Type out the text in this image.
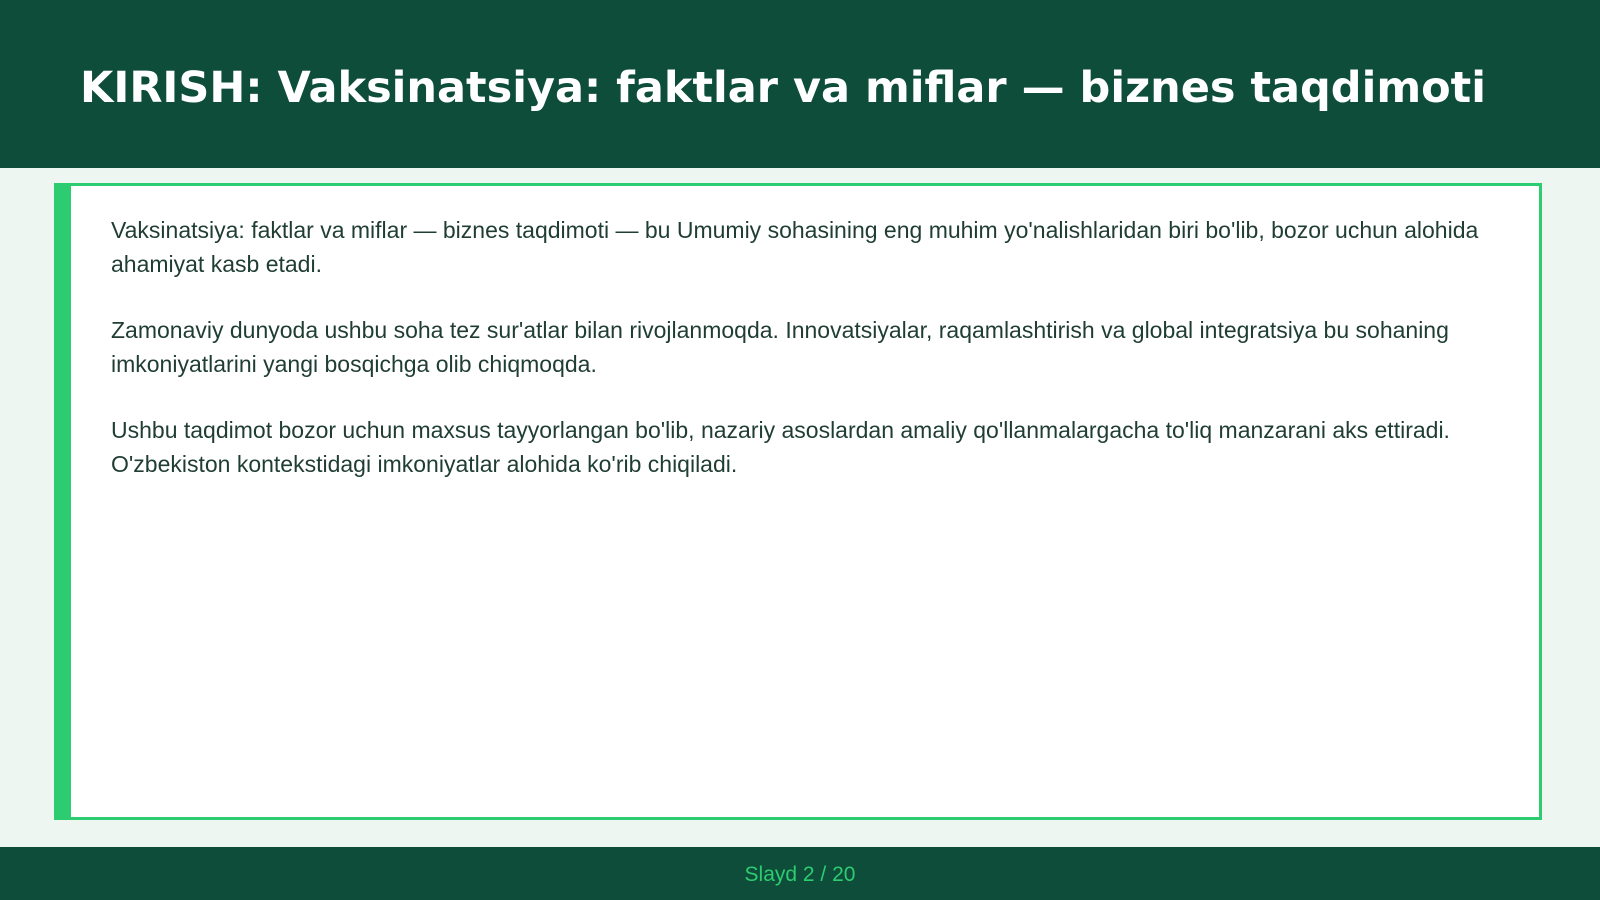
KIRISH: Vaksinatsiya: faktlar va miflar — biznes taqdimoti

Vaksinatsiya: faktlar va miflar — biznes taqdimoti — bu Umumiy sohasining eng muhim yo'nalishlaridan biri bo'lib, bozor uchun alohida ahamiyat kasb etadi.

Zamonaviy dunyoda ushbu soha tez sur'atlar bilan rivojlanmoqda. Innovatsiyalar, raqamlashtirish va global integratsiya bu sohaning imkoniyatlarini yangi bosqichga olib chiqmoqda.

Ushbu taqdimot bozor uchun maxsus tayyorlangan bo'lib, nazariy asoslardan amaliy qo'llanmalargacha to'liq manzarani aks ettiradi. O'zbekiston kontekstidagi imkoniyatlar alohida ko'rib chiqiladi.

Slayd 2 / 20
